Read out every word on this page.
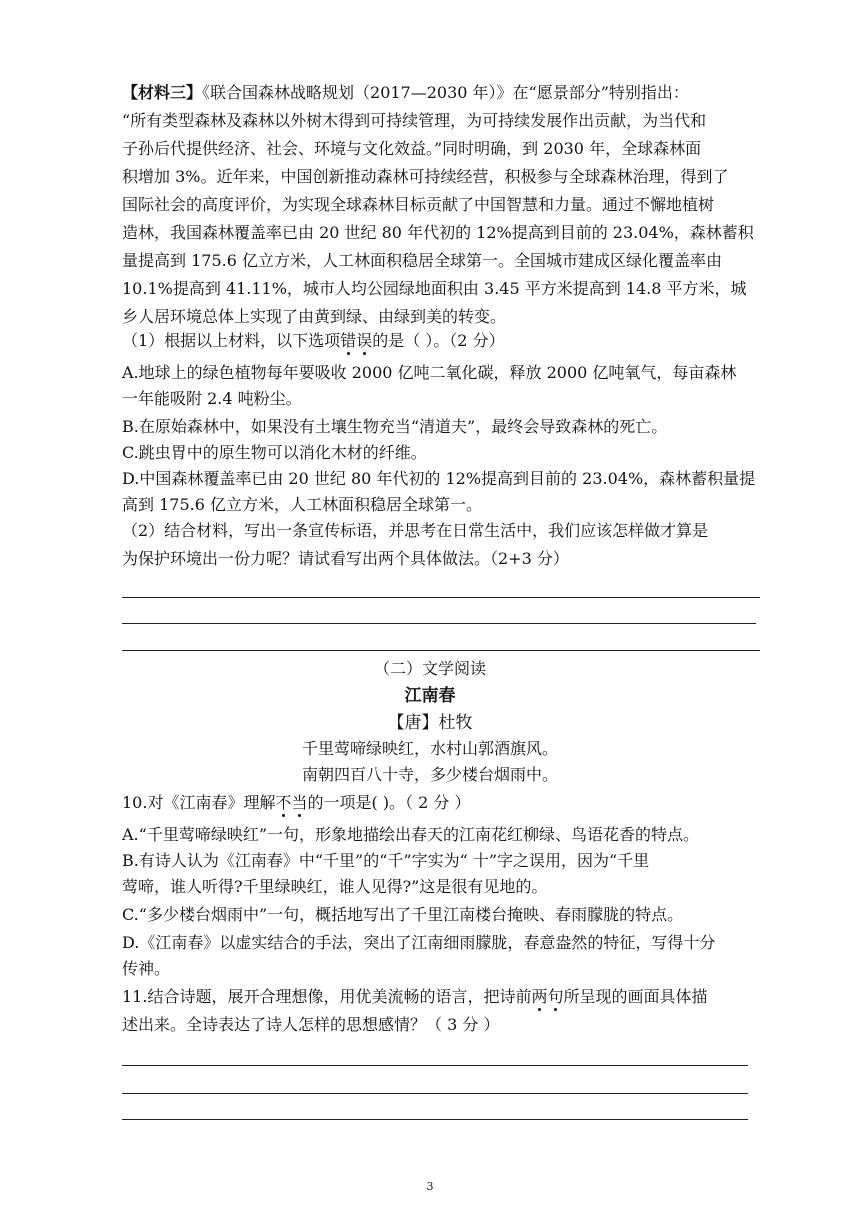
【材料三】《联合国森林战略规划（2017—2030 年）》在“愿景部分”特别指出：
“所有类型森林及森林以外树木得到可持续管理，为可持续发展作出贡献，为当代和
子孙后代提供经济、社会、环境与文化效益。”同时明确，到 2030 年，全球森林面
积增加 3%。近年来，中国创新推动森林可持续经营，积极参与全球森林治理，得到了
国际社会的高度评价，为实现全球森林目标贡献了中国智慧和力量。通过不懈地植树
造林，我国森林覆盖率已由 20 世纪 80 年代初的 12%提高到目前的 23.04%，森林蓄积
量提高到 175.6 亿立方米，人工林面积稳居全球第一。全国城市建成区绿化覆盖率由
10.1%提高到 41.11%，城市人均公园绿地面积由 3.45 平方米提高到 14.8 平方米，城
乡人居环境总体上实现了由黄到绿、由绿到美的转变。
（1）根据以上材料，以下选项错误的是（ ）。（2 分）
A.地球上的绿色植物每年要吸收 2000 亿吨二氧化碳，释放 2000 亿吨氧气，每亩森林
一年能吸附 2.4 吨粉尘。
B.在原始森林中，如果没有土壤生物充当“清道夫”，最终会导致森林的死亡。
C.跳虫胃中的原生物可以消化木材的纤维。
D.中国森林覆盖率已由 20 世纪 80 年代初的 12%提高到目前的 23.04%，森林蓄积量提
高到 175.6 亿立方米，人工林面积稳居全球第一。
（2）结合材料，写出一条宣传标语，并思考在日常生活中，我们应该怎样做才算是
为保护环境出一份力呢？请试看写出两个具体做法。（2+3 分）
（二）文学阅读
江南春
【唐】杜牧
千里莺啼绿映红，水村山郭酒旗风。
南朝四百八十寺，多少楼台烟雨中。
10.对《江南春》理解不当的一项是( )。（ 2 分 ）
A.“千里莺啼绿映红”一句，形象地描绘出春天的江南花红柳绿、鸟语花香的特点。
B.有诗人认为《江南春》中“千里”的“千”字实为“ 十”字之误用，因为“千里
莺啼，谁人听得?千里绿映红，谁人见得?”这是很有见地的。
C.“多少楼台烟雨中”一句，概括地写出了千里江南楼台掩映、春雨朦胧的特点。
D.《江南春》以虚实结合的手法，突出了江南细雨朦胧，春意盎然的特征，写得十分
传神。
11.结合诗题，展开合理想像，用优美流畅的语言，把诗前两句所呈现的画面具体描
述出来。全诗表达了诗人怎样的思想感情？（ 3 分 ）
3
